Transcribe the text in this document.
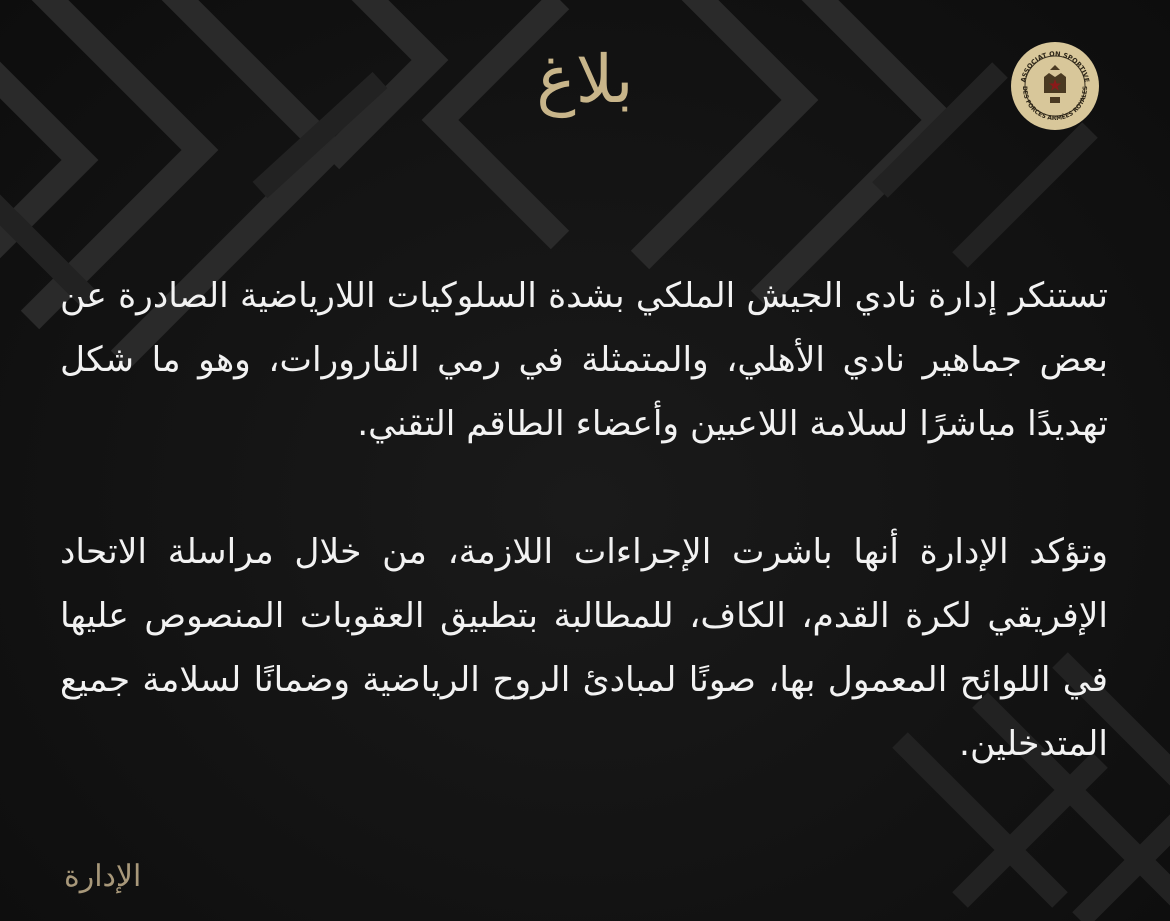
بلاغ	ASSOCIAT ON SPORTIVE
DES FORCES ARMÉES ROYALES

تستنكر إدارة نادي الجيش الملكي بشدة السلوكيات اللارياضية الصادرة عن بعض جماهير نادي الأهلي، والمتمثلة في رمي القارورات، وهو ما شكل تهديدًا مباشرًا لسلامة اللاعبين وأعضاء الطاقم التقني.

وتؤكد الإدارة أنها باشرت الإجراءات اللازمة، من خلال مراسلة الاتحاد الإفريقي لكرة القدم، الكاف، للمطالبة بتطبيق العقوبات المنصوص عليها في اللوائح المعمول بها، صونًا لمبادئ الروح الرياضية وضمانًا لسلامة جميع المتدخلين.

الإدارة
